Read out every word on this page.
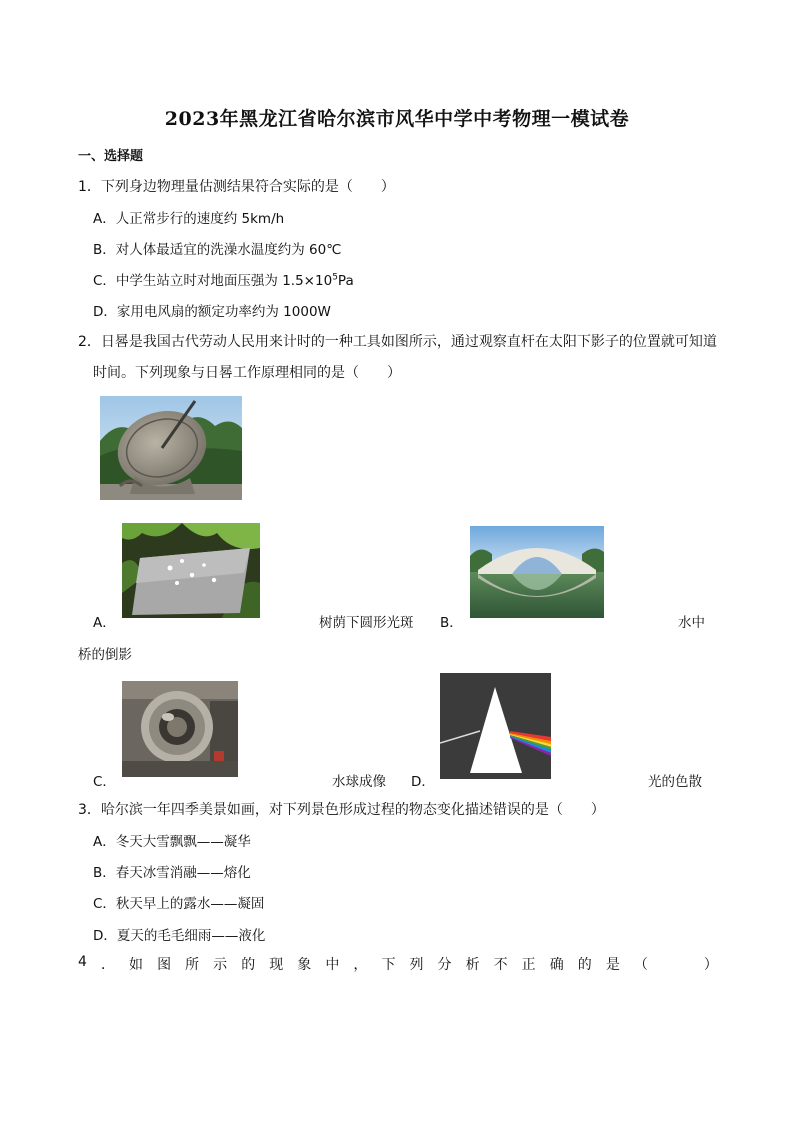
2023年黑龙江省哈尔滨市风华中学中考物理一模试卷
一、选择题
1．下列身边物理量估测结果符合实际的是（　　）
A．人正常步行的速度约 5km/h
B．对人体最适宜的洗澡水温度约为 60℃
C．中学生站立时对地面压强为 $1.5\times 10^5Pa$
D．家用电风扇的额定功率约为 1000W
2．日晷是我国古代劳动人民用来计时的一种工具如图所示，通过观察直杆在太阳下影子的位置就可知道
时间。下列现象与日晷工作原理相同的是（　　）
A．	树荫下圆形光斑 B．	水中
桥的倒影
C．	水球成像 D．	光的色散
3．哈尔滨一年四季美景如画，对下列景色形成过程的物态变化描述错误的是（　　）
A．冬天大雪飘飘——凝华
B．春天冰雪消融——熔化
C．秋天早上的露水——凝固
D．夏天的毛毛细雨——液化
4 ． 如 图 所 示 的 现 象 中 ， 下 列 分 析 不 正 确 的 是 （　　　 ）
